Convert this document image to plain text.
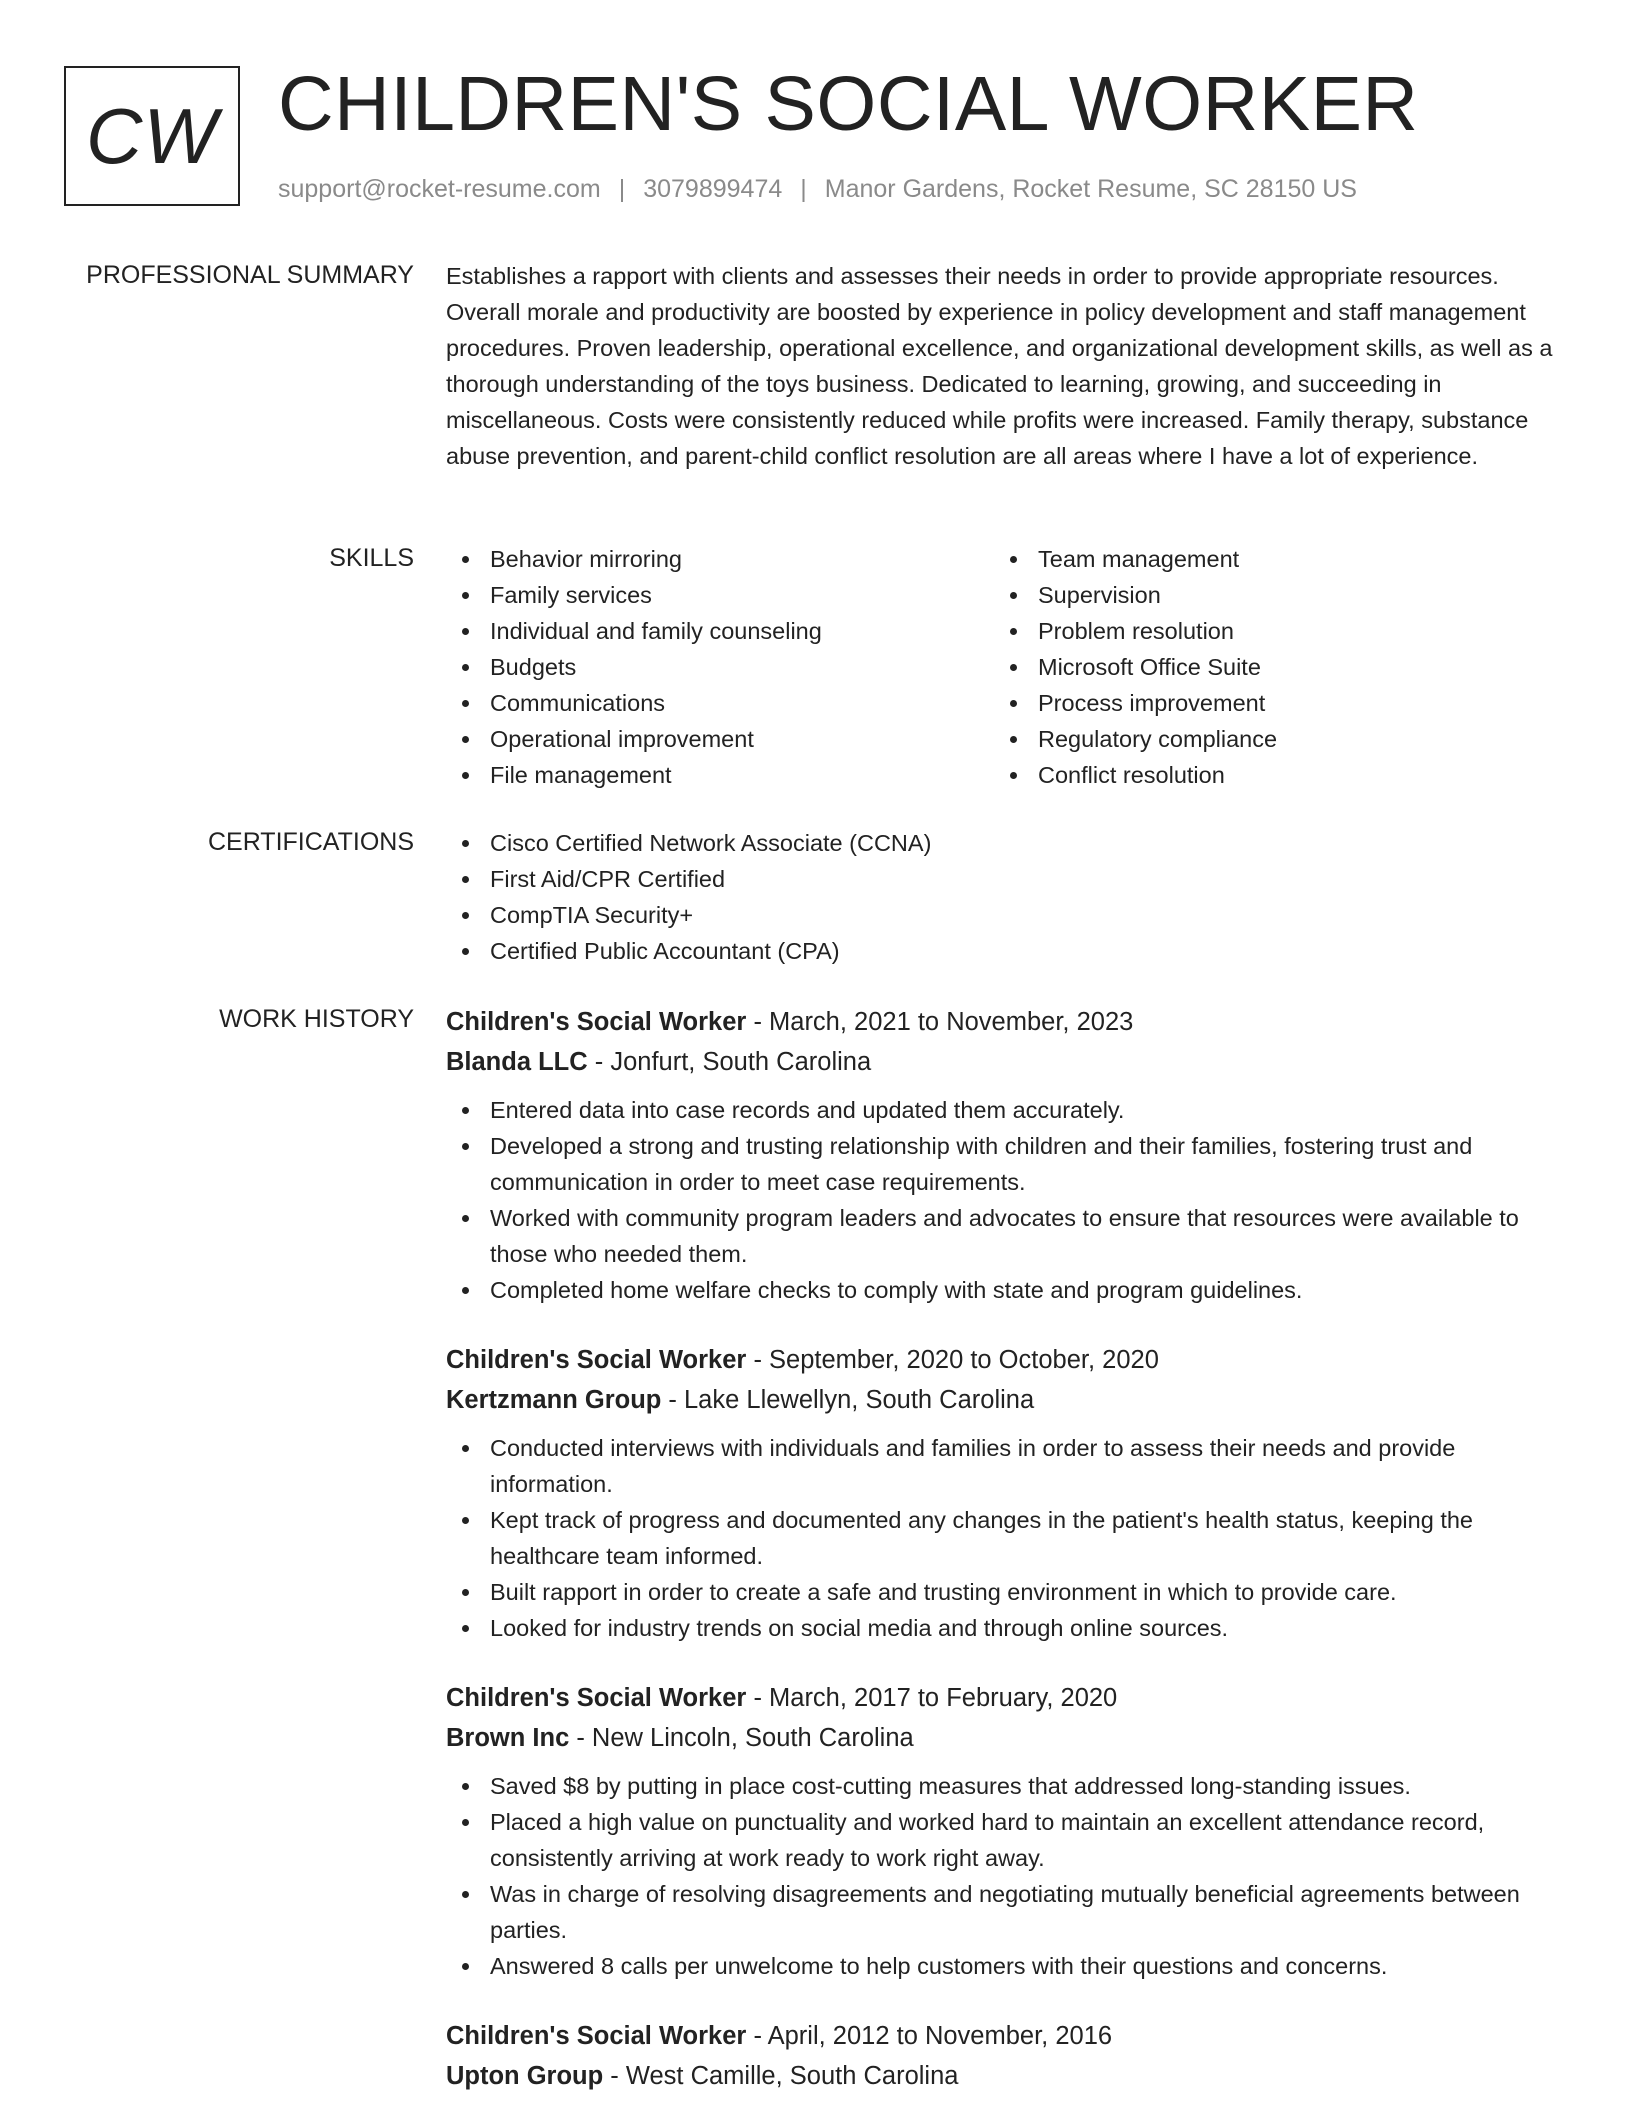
CW CHILDREN'S SOCIAL WORKER
support@rocket-resume.com | 3079899474 | Manor Gardens, Rocket Resume, SC 28150 US
PROFESSIONAL SUMMARY Establishes a rapport with clients and assesses their needs in order to provide appropriate resources. Overall morale and productivity are boosted by experience in policy development and staff management procedures. Proven leadership, operational excellence, and organizational development skills, as well as a thorough understanding of the toys business. Dedicated to learning, growing, and succeeding in miscellaneous. Costs were consistently reduced while profits were increased. Family therapy, substance abuse prevention, and parent-child conflict resolution are all areas where I have a lot of experience.

SKILLS	Behavior mirroring
Family services
Individual and family counseling
Budgets
Communications
Operational improvement
File management
Team management
Supervision
Problem resolution
Microsoft Office Suite
Process improvement
Regulatory compliance
Conflict resolution
CERTIFICATIONS	Cisco Certified Network Associate (CCNA)
First Aid/CPR Certified
CompTIA Security+
Certified Public Accountant (CPA)
WORK HISTORY Children's Social Worker - March, 2021 to November, 2023
Blanda LLC - Jonfurt, South Carolina
Entered data into case records and updated them accurately.
Developed a strong and trusting relationship with children and their families, fostering trust and communication in order to meet case requirements.
Worked with community program leaders and advocates to ensure that resources were available to those who needed them.
Completed home welfare checks to comply with state and program guidelines.
Children's Social Worker - September, 2020 to October, 2020
Kertzmann Group - Lake Llewellyn, South Carolina
Conducted interviews with individuals and families in order to assess their needs and provide information.
Kept track of progress and documented any changes in the patient's health status, keeping the healthcare team informed.
Built rapport in order to create a safe and trusting environment in which to provide care.
Looked for industry trends on social media and through online sources.
Children's Social Worker - March, 2017 to February, 2020
Brown Inc - New Lincoln, South Carolina
Saved $8 by putting in place cost-cutting measures that addressed long-standing issues.
Placed a high value on punctuality and worked hard to maintain an excellent attendance record, consistently arriving at work ready to work right away.
Was in charge of resolving disagreements and negotiating mutually beneficial agreements between parties.
Answered 8 calls per unwelcome to help customers with their questions and concerns.
Children's Social Worker - April, 2012 to November, 2016
Upton Group - West Camille, South Carolina
